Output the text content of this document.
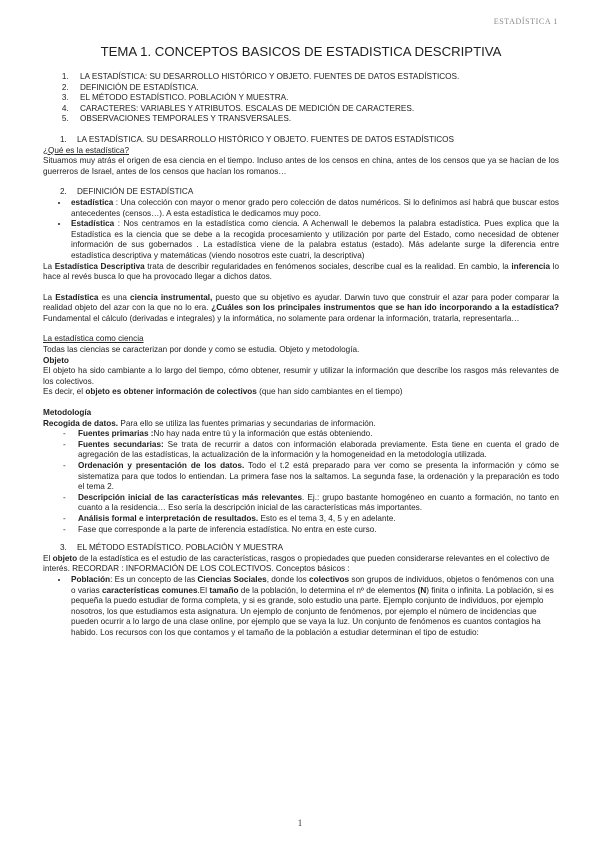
ESTADÍSTICA 1
TEMA 1. CONCEPTOS BASICOS DE ESTADISTICA DESCRIPTIVA
1. LA ESTADÍSTICA: SU DESARROLLO HISTÓRICO Y OBJETO. FUENTES DE DATOS ESTADÍSTICOS.
2. DEFINICIÓN DE ESTADÍSTICA.
3. EL MÉTODO ESTADÍSTICO. POBLACIÓN Y MUESTRA.
4. CARACTERES: VARIABLES Y ATRIBUTOS. ESCALAS DE MEDICIÓN DE CARACTERES.
5. OBSERVACIONES TEMPORALES Y TRANSVERSALES.
1. LA ESTADÍSTICA. SU DESARROLLO HISTÓRICO Y OBJETO. FUENTES DE DATOS ESTADÍSTICOS

¿Qué es la estadística?

Situamos muy atrás el origen de esa ciencia en el tiempo. Incluso antes de los censos en china, antes de los censos que ya se hacían de los guerreros de Israel, antes de los censos que hacían los romanos…

2. DEFINICIÓN DE ESTADÍSTICA
• estadística : Una colección con mayor o menor grado pero colección de datos numéricos. Si lo definimos así habrá que buscar estos antecedentes (censos…). A esta estadística le dedicamos muy poco.
• Estadística : Nos centramos en la estadística como ciencia. A Achenwall le debemos la palabra estadística. Pues explica que la Estadística es la ciencia que se debe a la recogida procesamiento y utilización por parte del Estado, como necesidad de obtener información de sus gobernados . La estadística viene de la palabra estatus (estado). Más adelante surge la diferencia entre estadística descriptiva y matemáticas (viendo nosotros este cuatri, la descriptiva)

La Estadística Descriptiva trata de describir regularidades en fenómenos sociales, describe cual es la realidad. En cambio, la inferencia lo hace al revés busca lo que ha provocado llegar a dichos datos.

La Estadística es una ciencia instrumental, puesto que su objetivo es ayudar. Darwin tuvo que construir el azar para poder comparar la realidad objeto del azar con la que no lo era. ¿Cuáles son los principales instrumentos que se han ido incorporando a la estadística? Fundamental el cálculo (derivadas e integrales) y la informática, no solamente para ordenar la información, tratarla, representarla…

La estadística como ciencia

Todas las ciencias se caracterizan por donde y como se estudia. Objeto y metodología.

Objeto

El objeto ha sido cambiante a lo largo del tiempo, cómo obtener, resumir y utilizar la información que describe los rasgos más relevantes de los colectivos.

Es decir, el objeto es obtener información de colectivos (que han sido cambiantes en el tiempo)

Metodología

Recogida de datos. Para ello se utiliza las fuentes primarias y secundarias de información.

- Fuentes primarias :No hay nada entre tú y la información que estás obteniendo.
- Fuentes secundarias: Se trata de recurrir a datos con información elaborada previamente. Esta tiene en cuenta el grado de agregación de las estadísticas, la actualización de la información y la homogeneidad en la metodología utilizada.
- Ordenación y presentación de los datos. Todo el t.2 está preparado para ver como se presenta la información y cómo se sistematiza para que todos lo entiendan. La primera fase nos la saltamos. La segunda fase, la ordenación y la preparación es todo el tema 2.
- Descripción inicial de las características más relevantes. Ej.: grupo bastante homogéneo en cuanto a formación, no tanto en cuanto a la residencia… Eso sería la descripción inicial de las características más importantes.
- Análisis formal e interpretación de resultados. Esto es el tema 3, 4, 5 y en adelante.
- Fase que corresponde a la parte de inferencia estadística. No entra en este curso.
3. EL MÉTODO ESTADÍSTICO. POBLACIÓN Y MUESTRA

El objeto de la estadística es el estudio de las características, rasgos o propiedades que pueden considerarse relevantes en el colectivo de interés. RECORDAR : INFORMACIÓN DE LOS COLECTIVOS. Conceptos básicos :

• Población: Es un concepto de las Ciencias Sociales, donde los colectivos son grupos de individuos, objetos o fenómenos con una o varias características comunes.El tamaño de la población, lo determina el nº de elementos (N) finita o infinita. La población, si es pequeña la puedo estudiar de forma completa, y si es grande, solo estudio una parte. Ejemplo conjunto de individuos, por ejemplo nosotros, los que estudiamos esta asignatura. Un ejemplo de conjunto de fenómenos, por ejemplo el número de incidencias que pueden ocurrir a lo largo de una clase online, por ejemplo que se vaya la luz. Un conjunto de fenómenos es cuantos contagios ha habido. Los recursos con los que contamos y el tamaño de la población a estudiar determinan el tipo de estudio:
1
